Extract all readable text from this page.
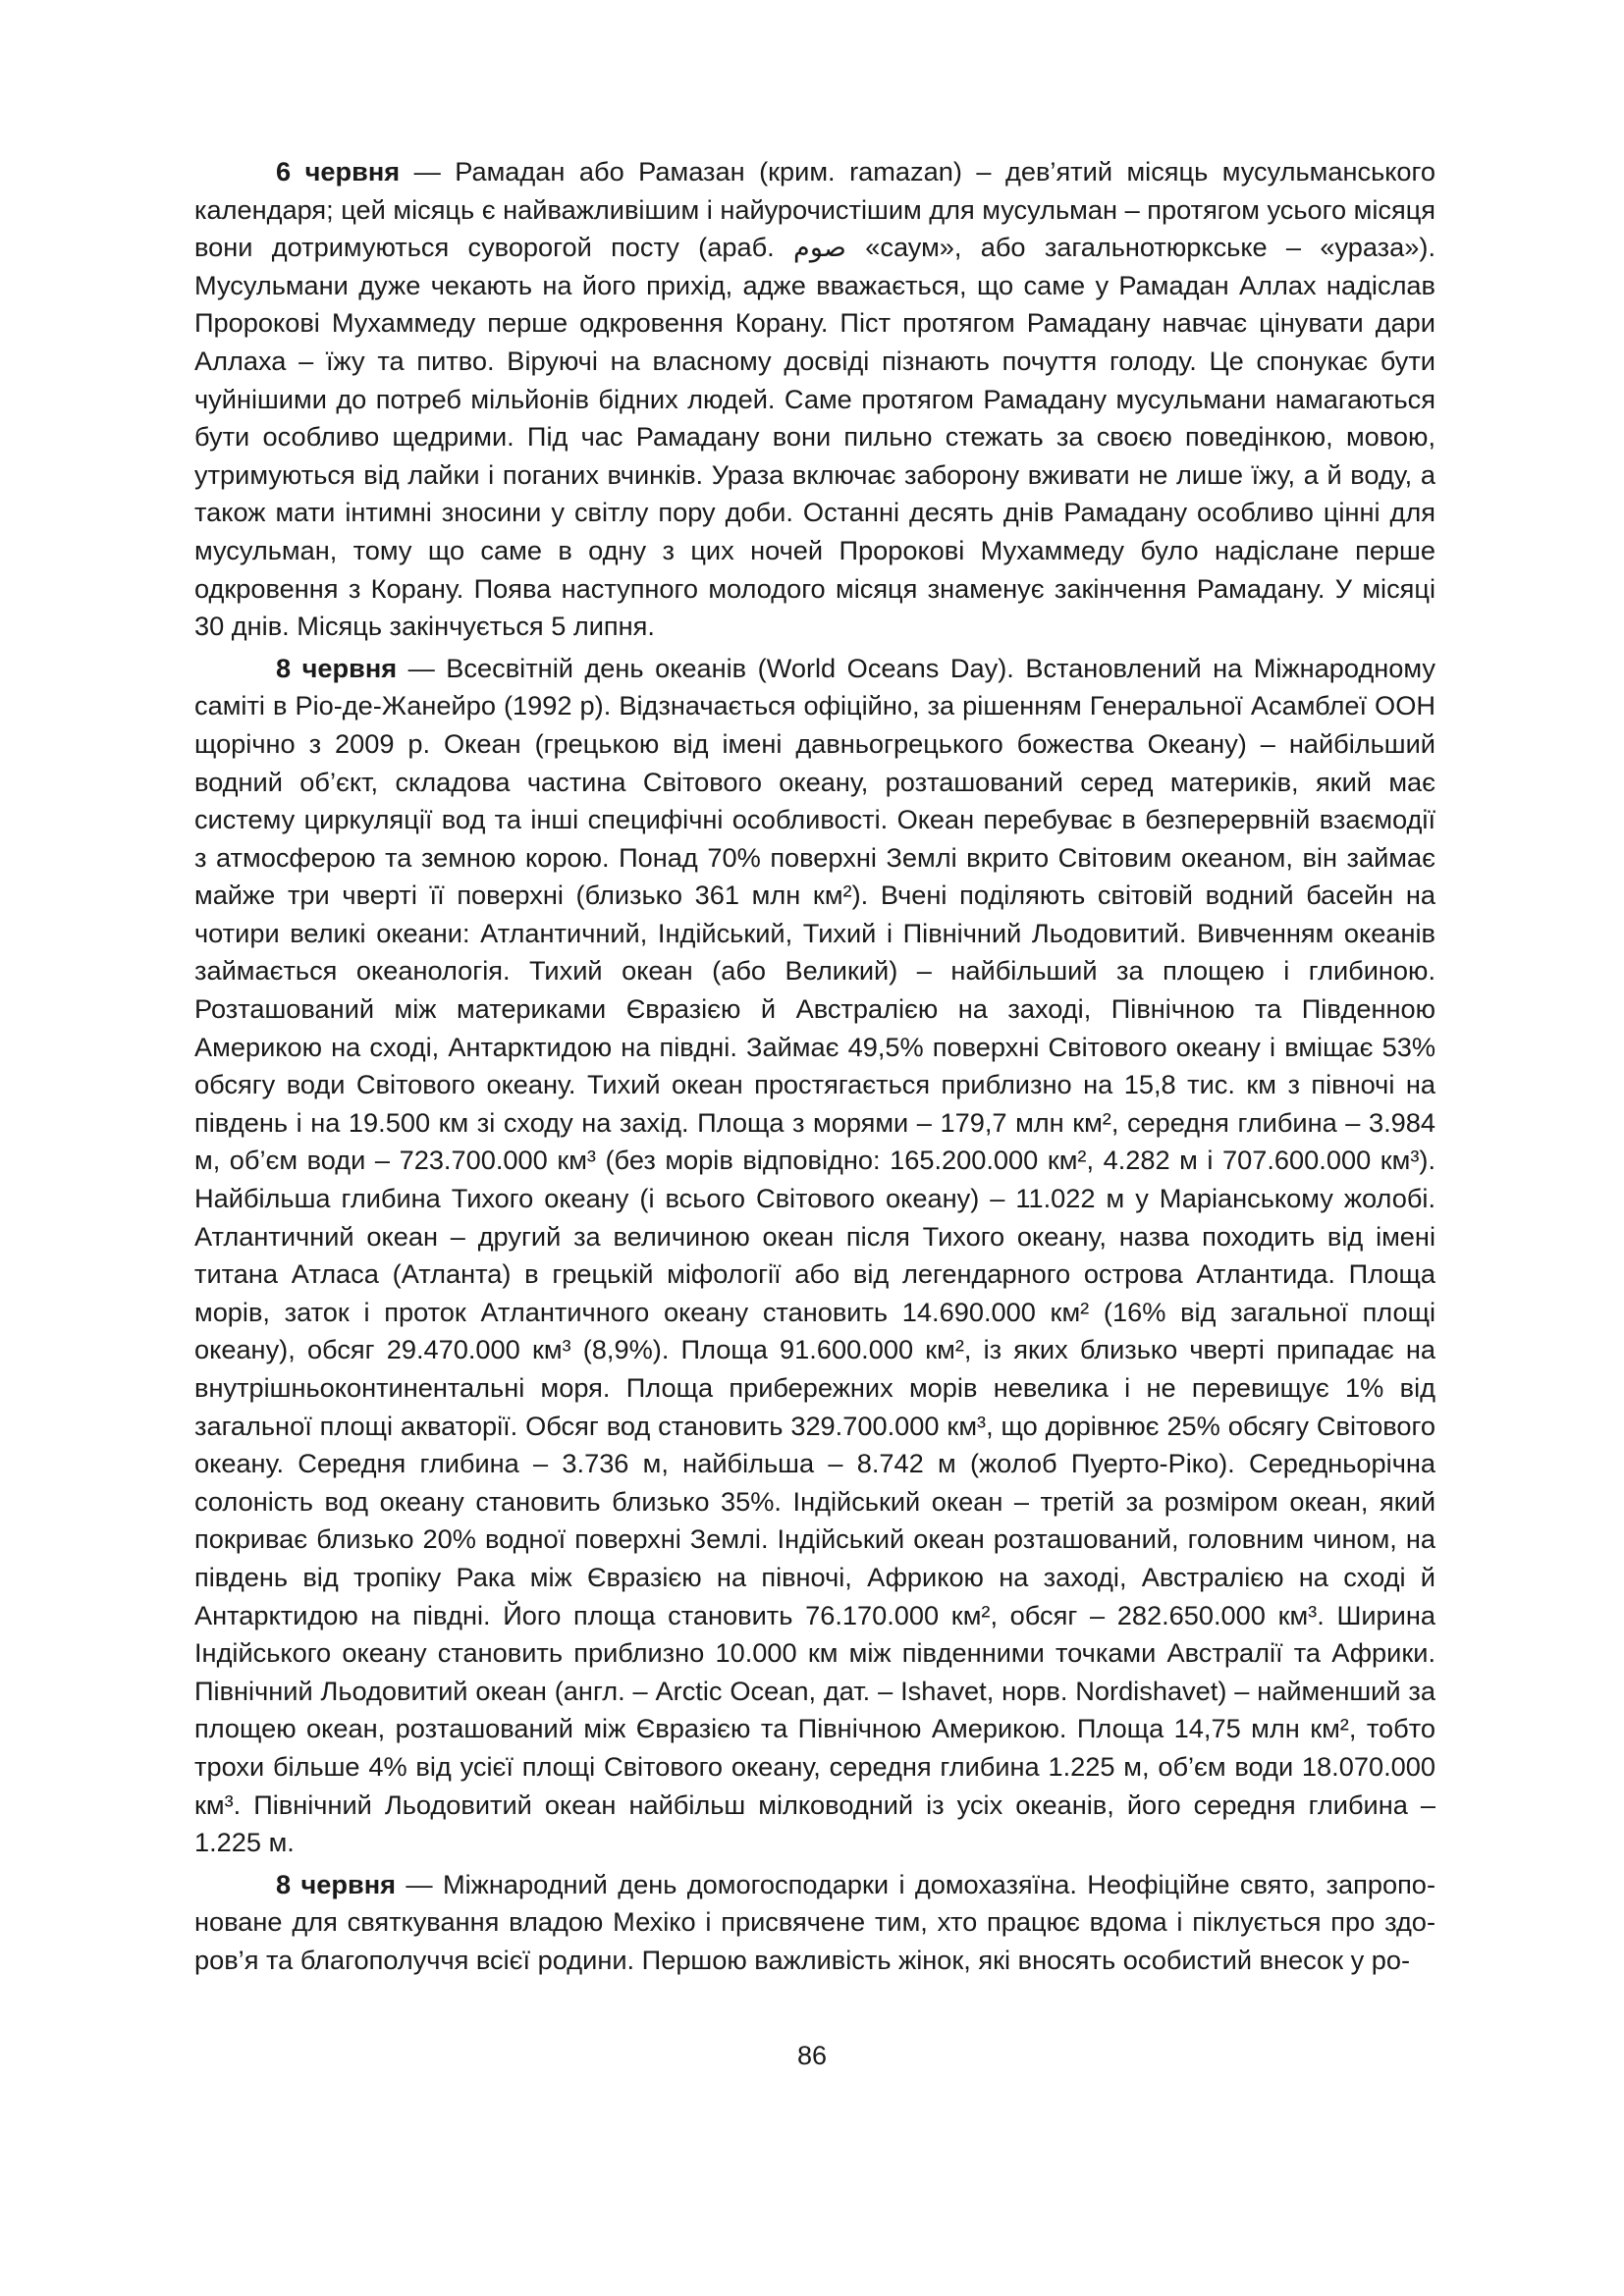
6 червня — Рамадан або Рамазан (крим. ramazan) – дев’ятий місяць мусульманського календаря; цей місяць є найважливішим і найурочистішим для мусульман – протягом усього місяця вони дотримуються суворогой посту (араб. صوم «саум», або загальнотюркське – «ураза»). Мусульмани дуже чекають на його прихід, адже вважається, що саме у Рамадан Аллах надіслав Пророкові Мухаммеду перше одкровення Корану. Піст протягом Рамадану навчає цінувати дари Аллаха – їжу та питво. Віруючі на власному досвіді пізнають почуття голоду. Це спонукає бути чуйнішими до потреб мільйонів бідних людей. Саме протягом Рамадану мусульмани намагаються бути особливо щедрими. Під час Рамадану вони пильно стежать за своєю поведінкою, мовою, утримуються від лайки і поганих вчинків. Ураза включає заборону вживати не лише їжу, а й воду, а також мати інтимні зносини у світлу пору доби. Останні десять днів Рамадану особливо цінні для мусульман, тому що саме в одну з цих ночей Пророкові Мухаммеду було надіслане перше одкровення з Корану. Поява наступного молодого місяця знаменує закінчення Рамадану. У місяці 30 днів. Місяць закінчується 5 липня.

8 червня — Всесвітній день океанів (World Oceans Day). Встановлений на Міжнародному саміті в Ріо-де-Жанейро (1992 р). Відзначається офіційно, за рішенням Генеральної Асамблеї ООН щорічно з 2009 р. Океан (грецькою від імені давньогрецького божества Океану) – найбільший водний об’єкт, складова частина Світового океану, розташований серед материків, який має систему циркуляції вод та інші специфічні особливості. Океан перебуває в безперервній взаємодії з атмосферою та земною корою. Понад 70% поверхні Землі вкрито Світовим океаном, він займає майже три чверті її поверхні (близько 361 млн км²). Вчені поділяють світовій водний басейн на чотири великі океани: Атлантичний, Індійський, Тихий і Північний Льодовитий. Вивченням океанів займається океанологія. Тихий океан (або Великий) – найбільший за площею і глибиною. Розташований між материками Євразією й Австралією на заході, Північною та Південною Америкою на сході, Антарктидою на півдні. Займає 49,5% поверхні Світового океану і вміщає 53% обсягу води Світового океану. Тихий океан простягається приблизно на 15,8 тис. км з півночі на південь і на 19.500 км зі сходу на захід. Площа з морями – 179,7 млн км², середня глибина – 3.984 м, об’єм води – 723.700.000 км³ (без морів відповідно: 165.200.000 км², 4.282 м і 707.600.000 км³). Найбільша глибина Тихого океану (і всього Світового океану) – 11.022 м у Маріанському жолобі. Атлантичний океан – другий за величиною океан після Тихого океану, назва походить від імені титана Атласа (Атланта) в грецькій міфології або від легендарного острова Атлантида. Площа морів, заток і проток Атлантичного океану становить 14.690.000 км² (16% від загальної площі океану), обсяг 29.470.000 км³ (8,9%). Площа 91.600.000 км², із яких близько чверті припадає на внутрішньоконтинентальні моря. Площа прибережних морів невелика і не перевищує 1% від загальної площі акваторії. Обсяг вод становить 329.700.000 км³, що дорівнює 25% обсягу Світового океану. Середня глибина – 3.736 м, найбільша – 8.742 м (жолоб Пуерто-Ріко). Середньорічна солоність вод океану становить близько 35%. Індійський океан – третій за розміром океан, який покриває близько 20% водної поверхні Землі. Індійський океан розташований, головним чином, на південь від тропіку Рака між Євразією на півночі, Африкою на заході, Австралією на сході й Антарктидою на півдні. Його площа становить 76.170.000 км², обсяг – 282.650.000 км³. Ширина Індійського океану становить приблизно 10.000 км між південними точками Австралії та Африки. Північний Льодовитий океан (англ. – Arctic Ocean, дат. – Ishavet, норв. Nordishavet) – найменший за площею океан, розташований між Євразією та Північною Америкою. Площа 14,75 млн км², тобто трохи більше 4% від усієї площі Світового океану, середня глибина 1.225 м, об’єм води 18.070.000 км³. Північний Льодовитий океан найбільш мілководний із усіх океанів, його середня глибина – 1.225 м.

8 червня — Міжнародний день домогосподарки і домохазяїна. Неофіційне свято, запропоноване для святкування владою Мехіко і присвячене тим, хто працює вдома і піклується про здоров’я та благополуччя всієї родини. Першою важливість жінок, які вносять особистий внесок у ро-

86
